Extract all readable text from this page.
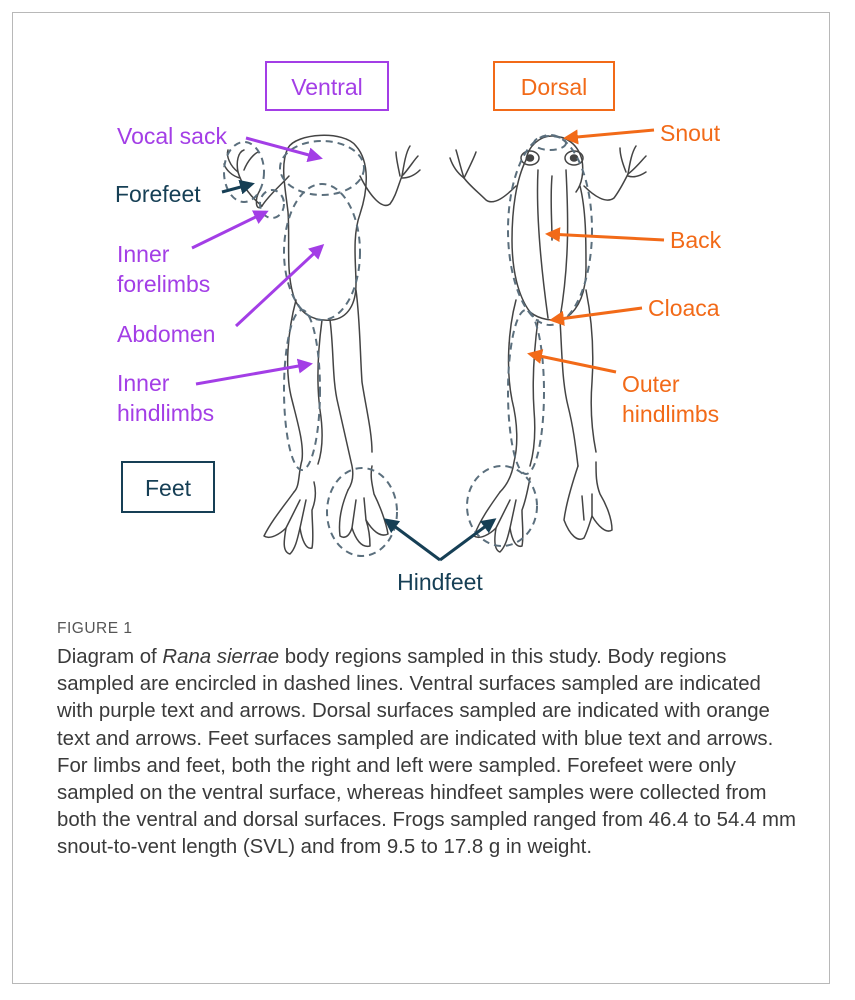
Ventral	Dorsal
Feet
Vocal sack
Inner
forelimbs
Abdomen
Inner
hindlimbs
Forefeet
Hindfeet
Snout
Back
Cloaca
Outer
hindlimbs
FIGURE 1

Diagram of Rana sierrae body regions sampled in this study. Body regions sampled are encircled in dashed lines. Ventral surfaces sampled are indicated with purple text and arrows. Dorsal surfaces sampled are indicated with orange text and arrows. Feet surfaces sampled are indicated with blue text and arrows. For limbs and feet, both the right and left were sampled. Forefeet were only sampled on the ventral surface, whereas hindfeet samples were collected from both the ventral and dorsal surfaces. Frogs sampled ranged from 46.4 to 54.4 mm snout-to-vent length (SVL) and from 9.5 to 17.8 g in weight.
